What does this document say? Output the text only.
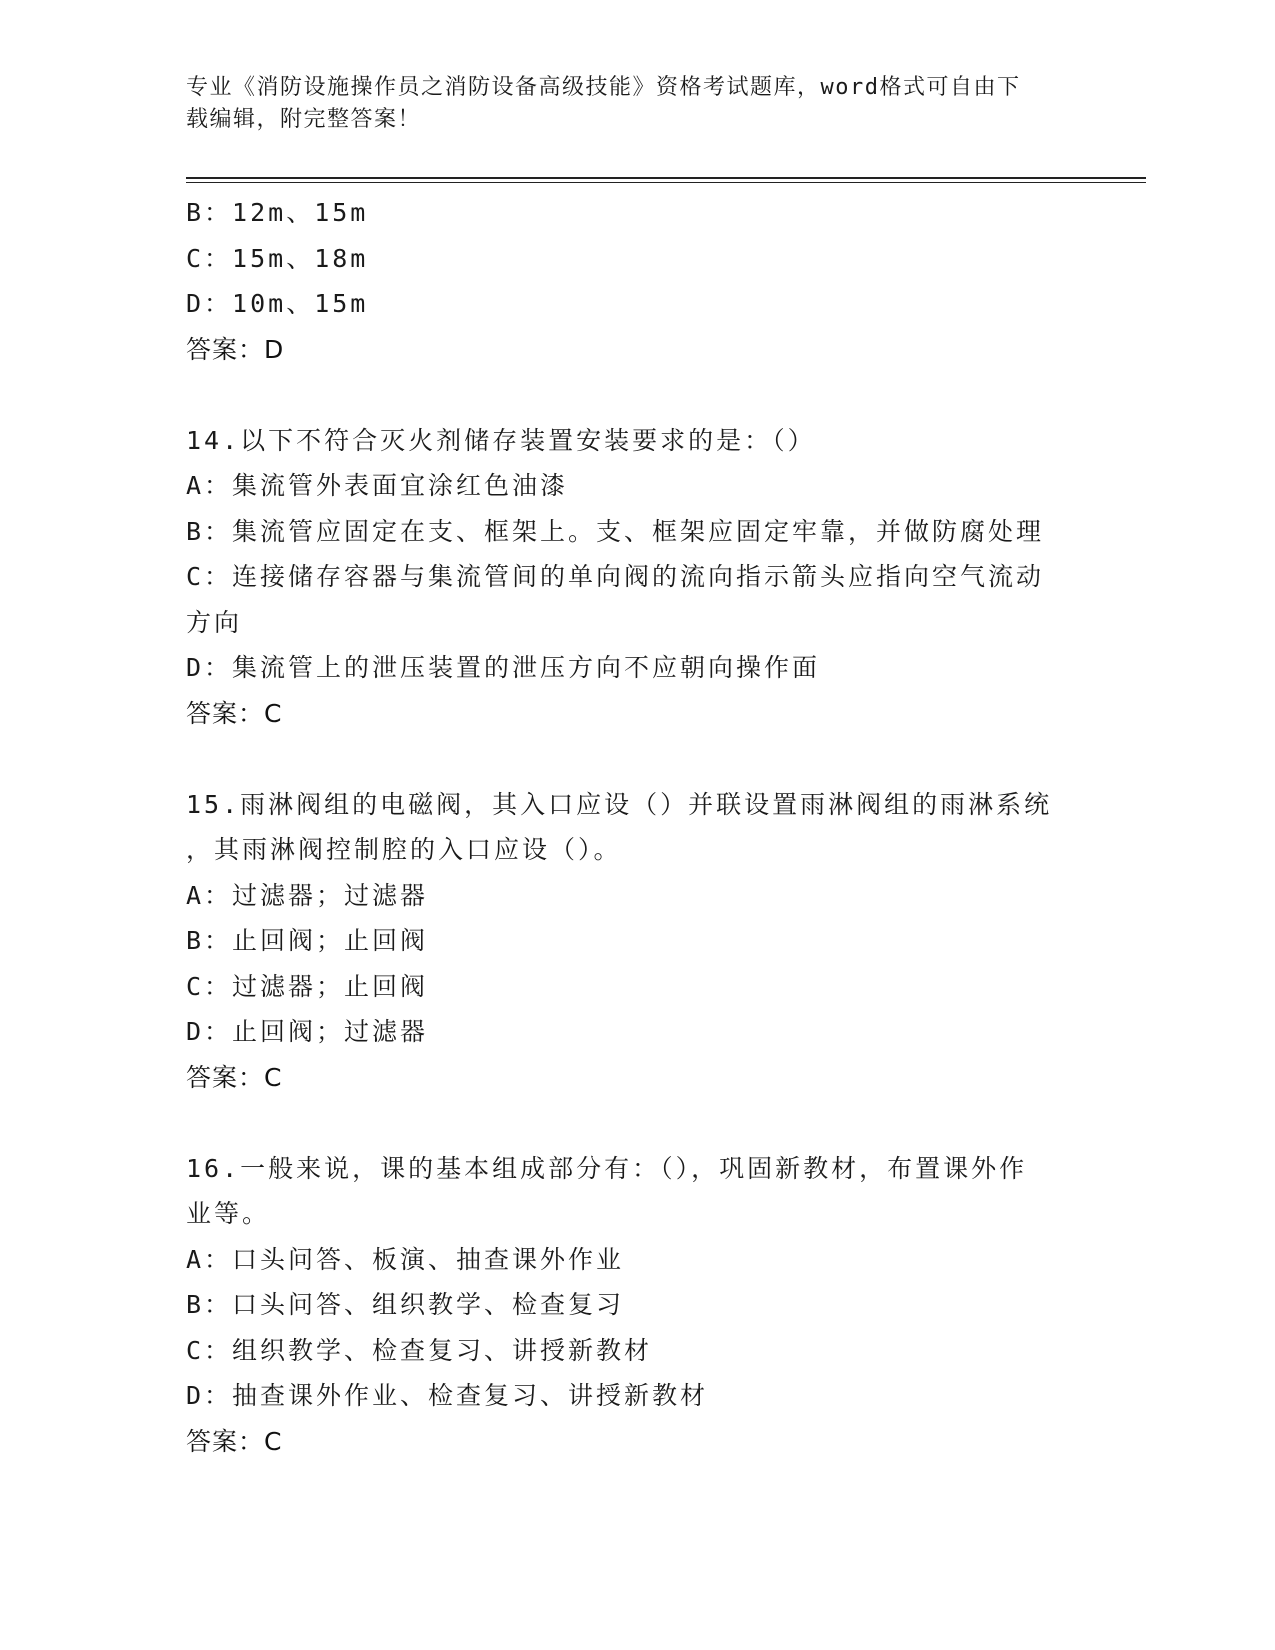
专业《消防设施操作员之消防设备高级技能》资格考试题库，word格式可自由下
载编辑，附完整答案！
B：12m、15m
C：15m、18m
D：10m、15m
答案：D
14.以下不符合灭火剂储存装置安装要求的是：（）
A：集流管外表面宜涂红色油漆
B：集流管应固定在支、框架上。支、框架应固定牢靠，并做防腐处理
C：连接储存容器与集流管间的单向阀的流向指示箭头应指向空气流动
方向
D：集流管上的泄压装置的泄压方向不应朝向操作面
答案：C
15.雨淋阀组的电磁阀，其入口应设（）并联设置雨淋阀组的雨淋系统
，其雨淋阀控制腔的入口应设（）。
A：过滤器；过滤器
B：止回阀；止回阀
C：过滤器；止回阀
D：止回阀；过滤器
答案：C
16.一般来说，课的基本组成部分有：（），巩固新教材，布置课外作
业等。
A：口头问答、板演、抽查课外作业
B：口头问答、组织教学、检查复习
C：组织教学、检查复习、讲授新教材
D：抽查课外作业、检查复习、讲授新教材
答案：C
